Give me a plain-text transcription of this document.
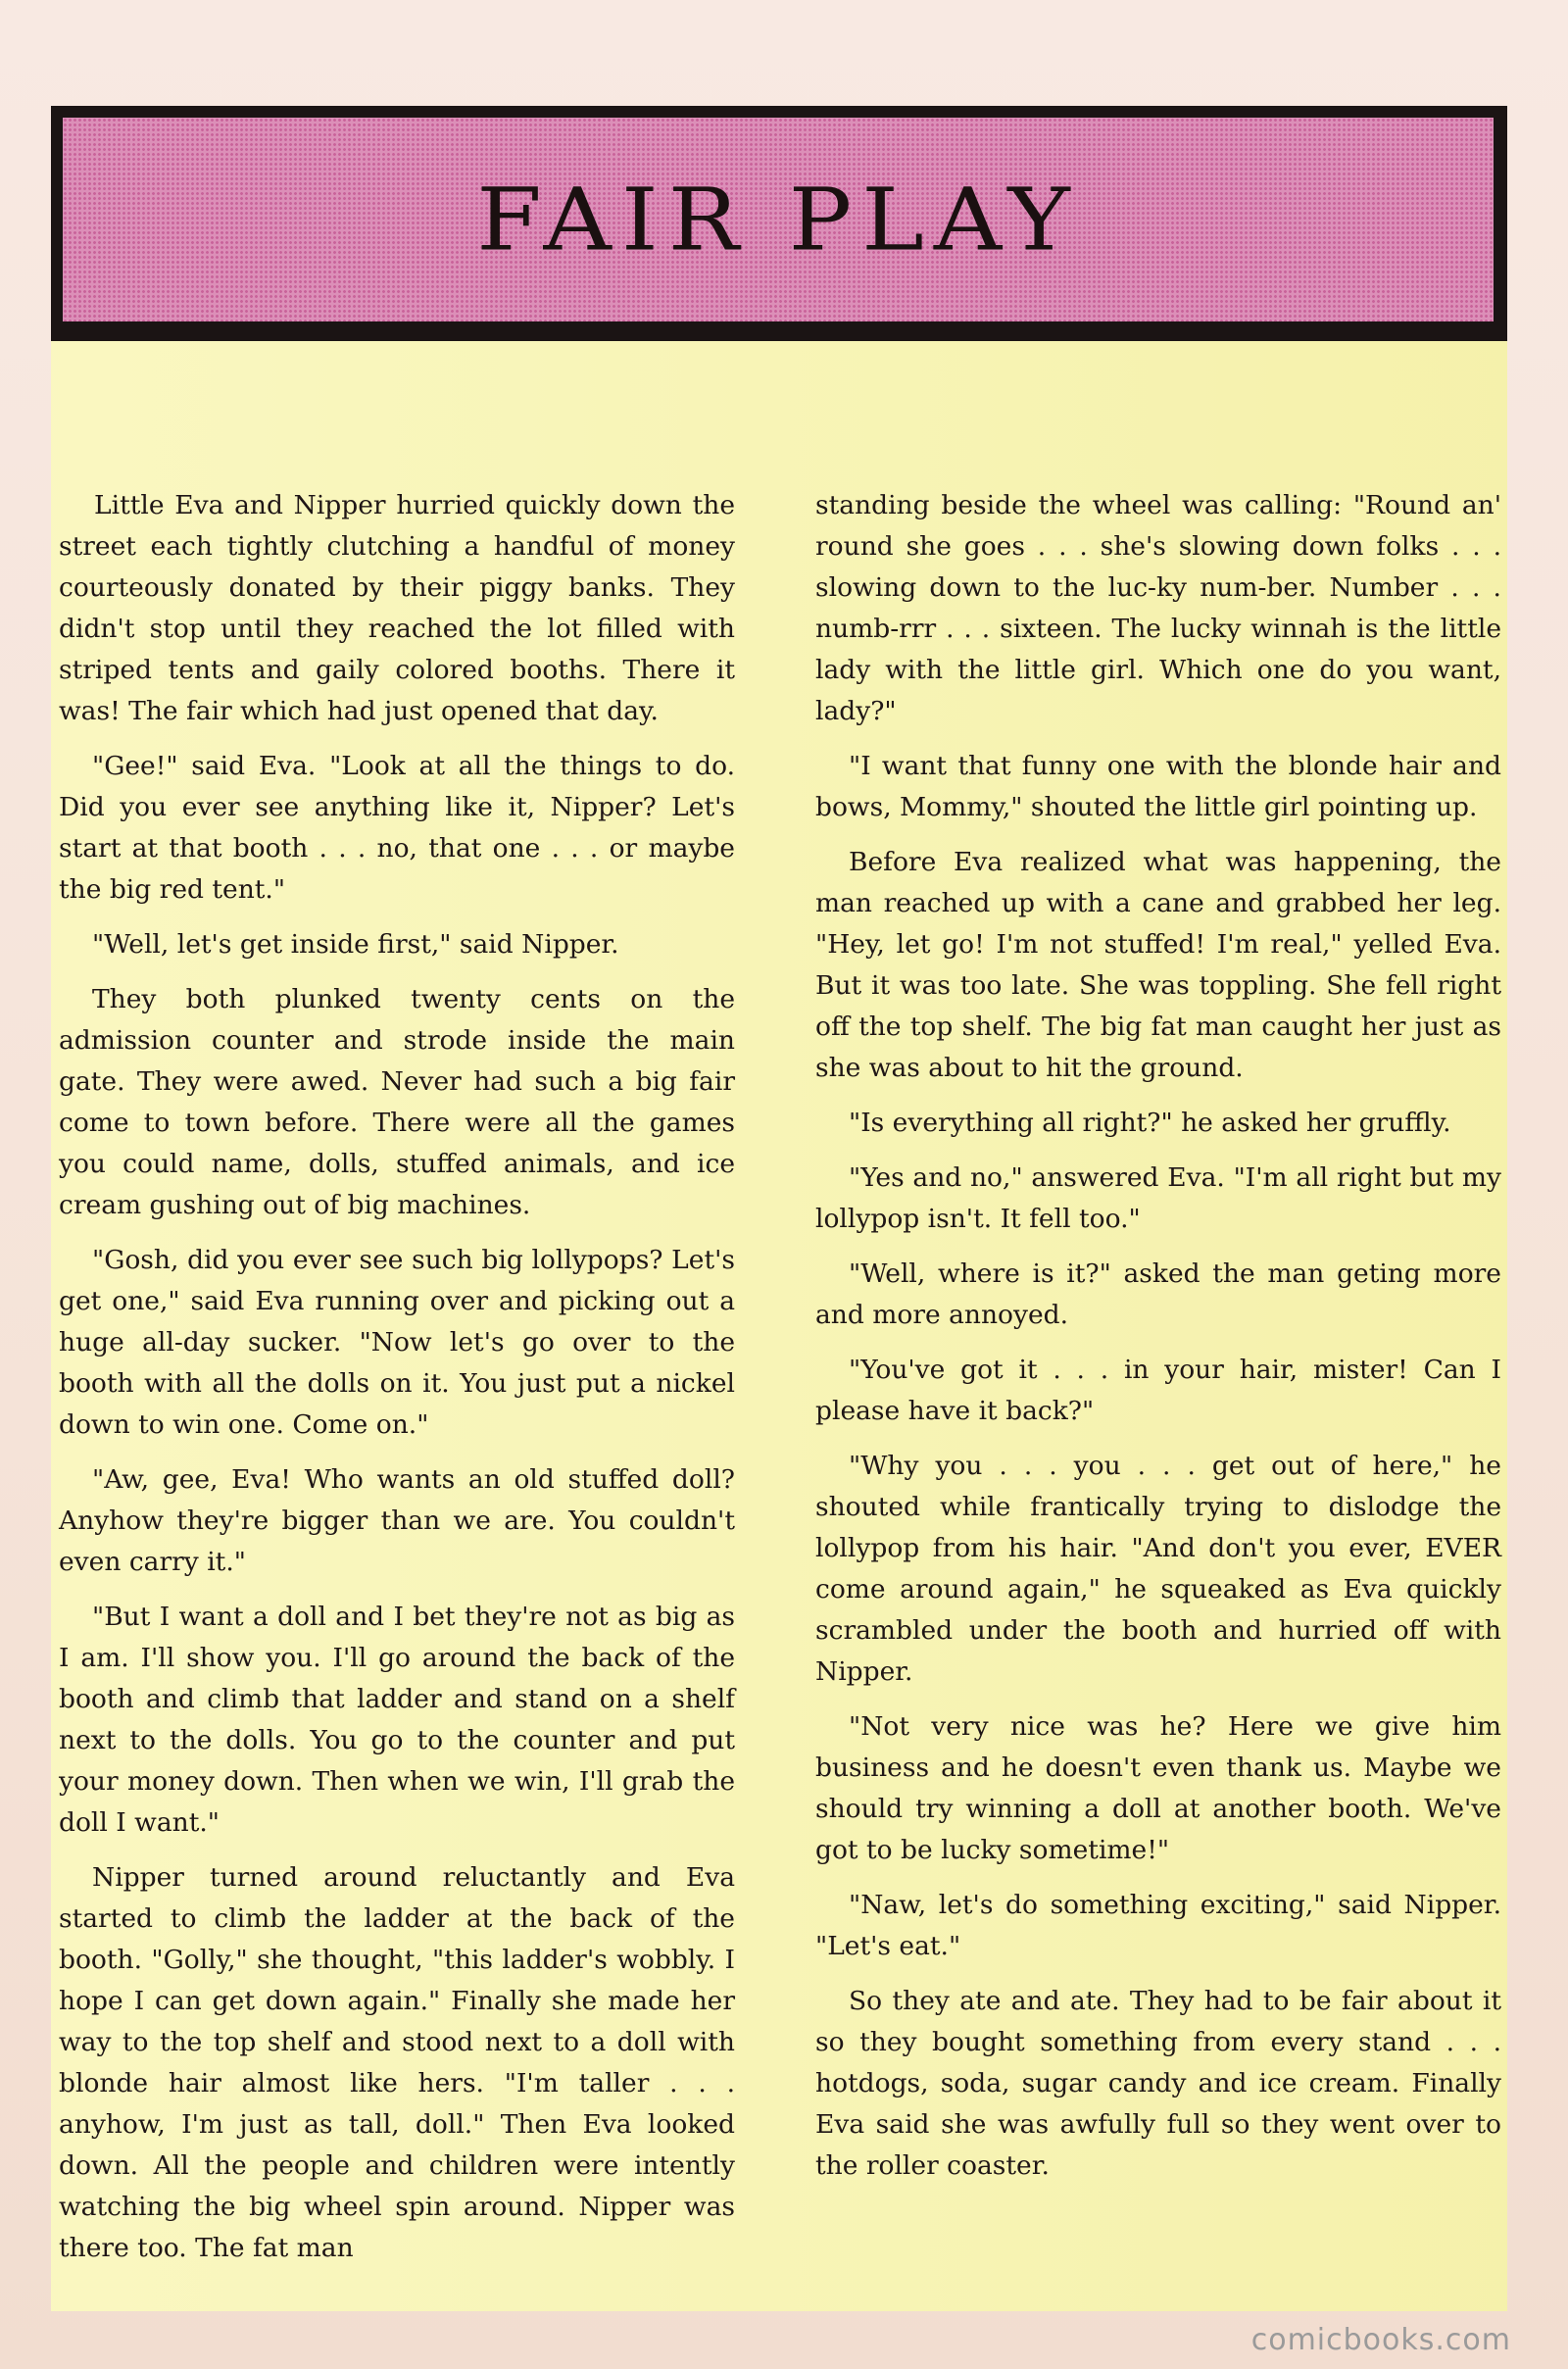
FAIR PLAY

Little Eva and Nipper hurried quickly down the street each tightly clutching a handful of money courteously donated by their piggy banks. They didn't stop until they reached the lot filled with striped tents and gaily colored booths. There it was! The fair which had just opened that day.

"Gee!" said Eva. "Look at all the things to do. Did you ever see anything like it, Nipper? Let's start at that booth . . . no, that one . . . or maybe the big red tent."

"Well, let's get inside first," said Nipper.

They both plunked twenty cents on the admission counter and strode inside the main gate. They were awed. Never had such a big fair come to town before. There were all the games you could name, dolls, stuffed animals, and ice cream gushing out of big machines.

"Gosh, did you ever see such big lollypops? Let's get one," said Eva running over and picking out a huge all-day sucker. "Now let's go over to the booth with all the dolls on it. You just put a nickel down to win one. Come on."

"Aw, gee, Eva! Who wants an old stuffed doll? Anyhow they're bigger than we are. You couldn't even carry it."

"But I want a doll and I bet they're not as big as I am. I'll show you. I'll go around the back of the booth and climb that ladder and stand on a shelf next to the dolls. You go to the counter and put your money down. Then when we win, I'll grab the doll I want."

Nipper turned around reluctantly and Eva started to climb the ladder at the back of the booth. "Golly," she thought, "this ladder's wobbly. I hope I can get down again." Finally she made her way to the top shelf and stood next to a doll with blonde hair almost like hers. "I'm taller . . . anyhow, I'm just as tall, doll." Then Eva looked down. All the people and children were intently watching the big wheel spin around. Nipper was there too. The fat man

standing beside the wheel was calling: "Round an' round she goes . . . she's slowing down folks . . . slowing down to the luc-ky num-ber. Number . . . numb-rrr . . . sixteen. The lucky winnah is the little lady with the little girl. Which one do you want, lady?"

"I want that funny one with the blonde hair and bows, Mommy," shouted the little girl pointing up.

Before Eva realized what was happening, the man reached up with a cane and grabbed her leg. "Hey, let go! I'm not stuffed! I'm real," yelled Eva. But it was too late. She was toppling. She fell right off the top shelf. The big fat man caught her just as she was about to hit the ground.

"Is everything all right?" he asked her gruffly.

"Yes and no," answered Eva. "I'm all right but my lollypop isn't. It fell too."

"Well, where is it?" asked the man geting more and more annoyed.

"You've got it . . . in your hair, mister! Can I please have it back?"

"Why you . . . you . . . get out of here," he shouted while frantically trying to dislodge the lollypop from his hair. "And don't you ever, EVER come around again," he squeaked as Eva quickly scrambled under the booth and hurried off with Nipper.

"Not very nice was he? Here we give him business and he doesn't even thank us. Maybe we should try winning a doll at another booth. We've got to be lucky sometime!"

"Naw, let's do something exciting," said Nipper. "Let's eat."

So they ate and ate. They had to be fair about it so they bought something from every stand . . . hotdogs, soda, sugar candy and ice cream. Finally Eva said she was awfully full so they went over to the roller coaster.

comicbooks.com
